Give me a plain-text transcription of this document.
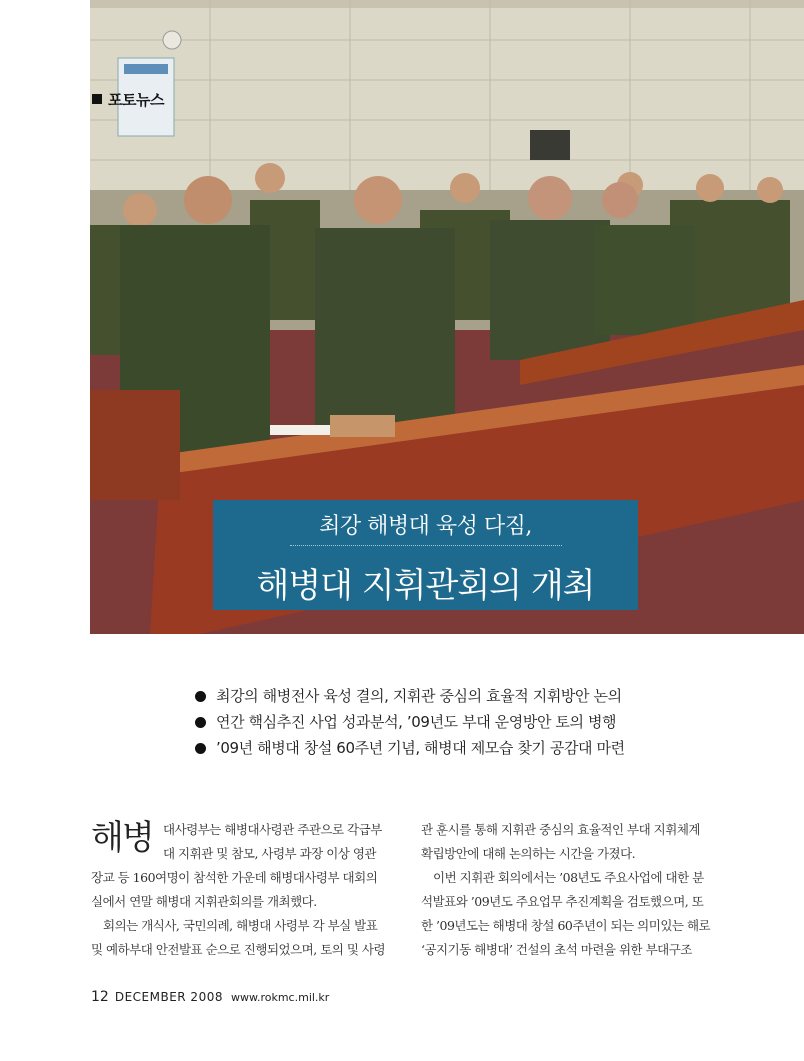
포토뉴스
최강 해병대 육성 다짐,
해병대 지휘관회의 개최
최강의 해병전사 육성 결의, 지휘관 중심의 효율적 지휘방안 논의
연간 핵심추진 사업 성과분석, ’09년도 부대 운영방안 토의 병행
’09년 해병대 창설 60주년 기념, 해병대 제모습 찾기 공감대 마련
해병 대사령부는 해병대사령관 주관으로 각급부
대 지휘관 및 참모, 사령부 과장 이상 영관
장교 등 160여명이 참석한 가운데 해병대사령부 대회의
실에서 연말 해병대 지휘관회의를 개최했다.
　회의는 개식사, 국민의례, 해병대 사령부 각 부실 발표
및 예하부대 안전발표 순으로 진행되었으며, 토의 및 사령
관 훈시를 통해 지휘관 중심의 효율적인 부대 지휘체계
확립방안에 대해 논의하는 시간을 가졌다.
　이번 지휘관 회의에서는 ’08년도 주요사업에 대한 분
석발표와 ’09년도 주요업무 추진계획을 검토했으며, 또
한 ’09년도는 해병대 창설 60주년이 되는 의미있는 해로
‘공지기동 해병대’ 건설의 초석 마련을 위한 부대구조
12 DECEMBER 2008 www.rokmc.mil.kr
